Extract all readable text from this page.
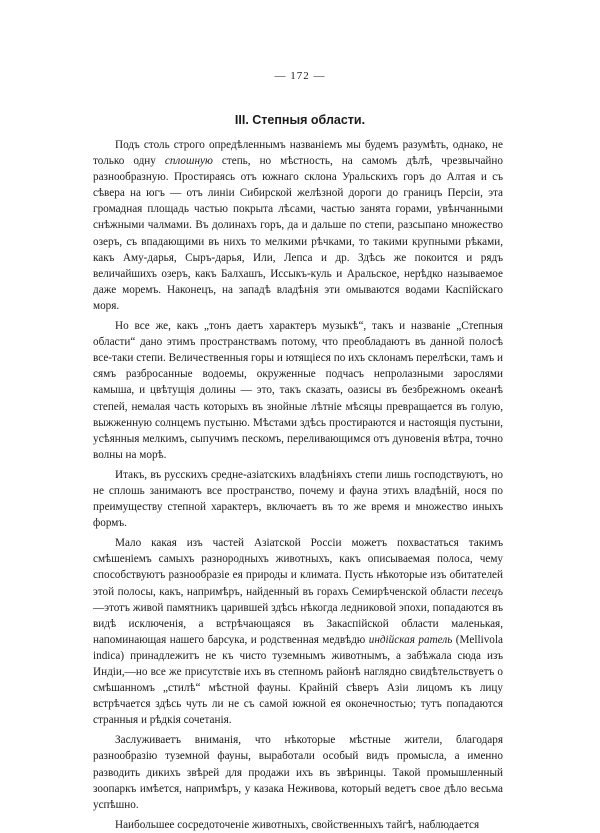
— 172 —
III. Степныя области.

Подъ столь строго опредѣленнымъ названіемъ мы будемъ разумѣть, однако, не только одну сплошную степь, но мѣстность, на самомъ дѣлѣ, чрезвычайно разнообразную. Простираясь отъ южнаго склона Уральскихъ горъ до Алтая и съ сѣвера на югъ — отъ линіи Сибирской желѣзной дороги до границъ Персіи, эта громадная площадь частью покрыта лѣсами, частью занята горами, увѣнчанными снѣжными чалмами. Въ долинахъ горъ, да и дальше по степи, разсыпано множество озеръ, съ впадающими въ нихъ то мелкими рѣчками, то такими крупными рѣками, какъ Аму-дарья, Сыръ-дарья, Или, Лепса и др. Здѣсь же покоится и рядъ величайшихъ озеръ, какъ Балхашъ, Иссыкъ-куль и Аральское, нерѣдко называемое даже моремъ. Наконецъ, на западѣ владѣнія эти омываются водами Каспійскаго моря.

Но все же, какъ „тонъ даетъ характеръ музыкѣ“, такъ и названіе „Степныя области“ дано этимъ пространствамъ потому, что преобладаютъ въ данной полосѣ все-таки степи. Величественныя горы и ютящіеся по ихъ склонамъ перелѣски, тамъ и сямъ разбросанные водоемы, окруженные подчасъ непролазными зарослями камыша, и цвѣтущія долины — это, такъ сказать, оазисы въ безбрежномъ океанѣ степей, немалая часть которыхъ въ знойные лѣтніе мѣсяцы превращается въ голую, выжженную солнцемъ пустыню. Мѣстами здѣсь простираются и настоящія пустыни, усѣянныя мелкимъ, сыпучимъ пескомъ, переливающимся отъ дуновенія вѣтра, точно волны на морѣ.

Итакъ, въ русскихъ средне-азіатскихъ владѣніяхъ степи лишь господствуютъ, но не сплошь занимаютъ все пространство, почему и фауна этихъ владѣній, нося по преимуществу степной характеръ, включаетъ въ то же время и множество иныхъ формъ.

Мало какая изъ частей Азіатской Россіи можетъ похвастаться такимъ смѣшеніемъ самыхъ разнородныхъ животныхъ, какъ описываемая полоса, чему способствуютъ разнообразіе ея природы и климата. Пусть нѣкоторые изъ обитателей этой полосы, какъ, напримѣръ, найденный въ горахъ Семирѣченской области песецъ—этотъ живой памятникъ царившей здѣсь нѣкогда ледниковой эпохи, попадаются въ видѣ исключенія, а встрѣчающаяся въ Закаспійской области маленькая, напоминающая нашего барсука, и родственная медвѣдю индійская ратель (Mellivola indica) принадлежитъ не къ чисто туземнымъ животнымъ, а забѣжала сюда изъ Индіи,—но все же присутствіе ихъ въ степномъ районѣ наглядно свидѣтельствуетъ о смѣшанномъ „стилѣ“ мѣстной фауны. Крайній сѣверъ Азіи лицомъ къ лицу встрѣчается здѣсь чуть ли не съ самой южной ея оконечностью; тутъ попадаются странныя и рѣдкія сочетанія.

Заслуживаетъ вниманія, что нѣкоторые мѣстные жители, благодаря разнообразію туземной фауны, выработали особый видъ промысла, а именно разводить дикихъ звѣрей для продажи ихъ въ звѣринцы. Такой промышленный зоопаркъ имѣется, напримѣръ, у казака Неживова, который ведетъ свое дѣло весьма успѣшно.

Наибольшее сосредоточеніе животныхъ, свойственныхъ тайгѣ, наблюдается
